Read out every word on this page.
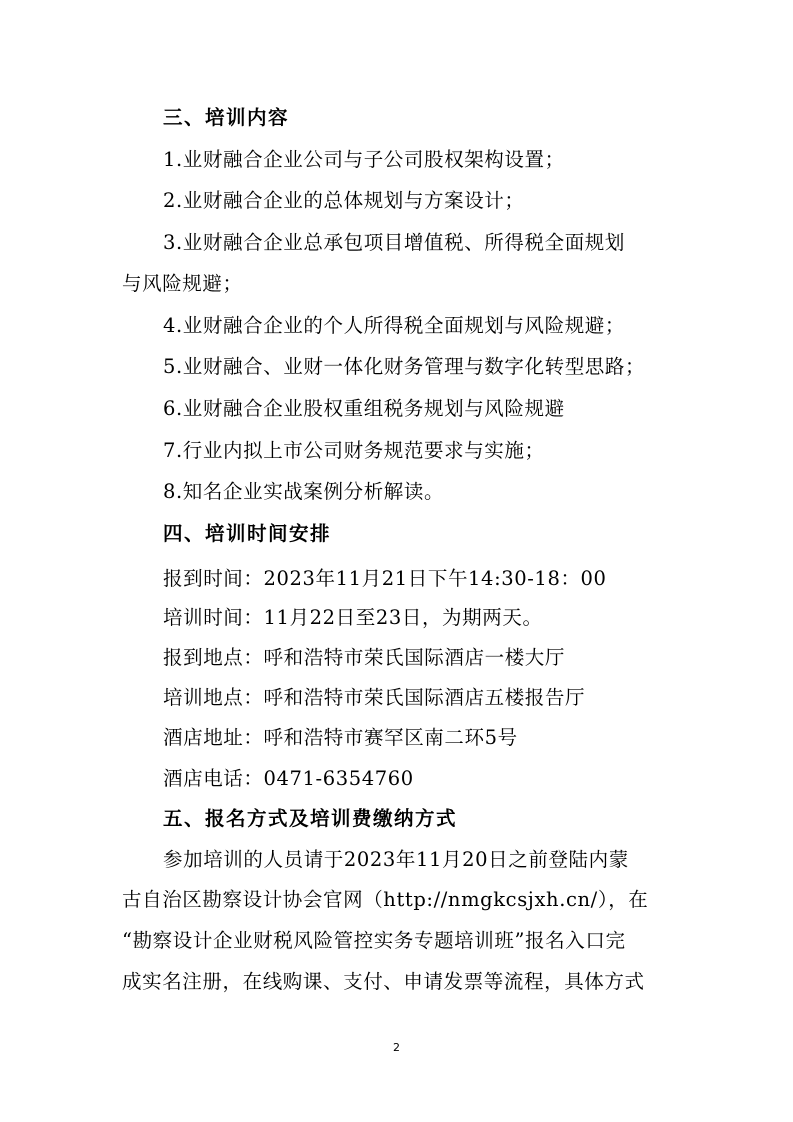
三、培训内容
1.业财融合企业公司与子公司股权架构设置；
2.业财融合企业的总体规划与方案设计；
3.业财融合企业总承包项目增值税、所得税全面规划
与风险规避；
4.业财融合企业的个人所得税全面规划与风险规避；
5.业财融合、业财一体化财务管理与数字化转型思路；
6.业财融合企业股权重组税务规划与风险规避
7.行业内拟上市公司财务规范要求与实施；
8.知名企业实战案例分析解读。
四、培训时间安排
报到时间：2023年11月21日下午14:30-18：00
培训时间：11月22日至23日，为期两天。
报到地点：呼和浩特市荣氏国际酒店一楼大厅
培训地点：呼和浩特市荣氏国际酒店五楼报告厅
酒店地址：呼和浩特市赛罕区南二环5号
酒店电话：0471-6354760
五、报名方式及培训费缴纳方式
参加培训的人员请于2023年11月20日之前登陆内蒙
古自治区勘察设计协会官网（http://nmgkcsjxh.cn/），在
“勘察设计企业财税风险管控实务专题培训班”报名入口完
成实名注册，在线购课、支付、申请发票等流程，具体方式
2
